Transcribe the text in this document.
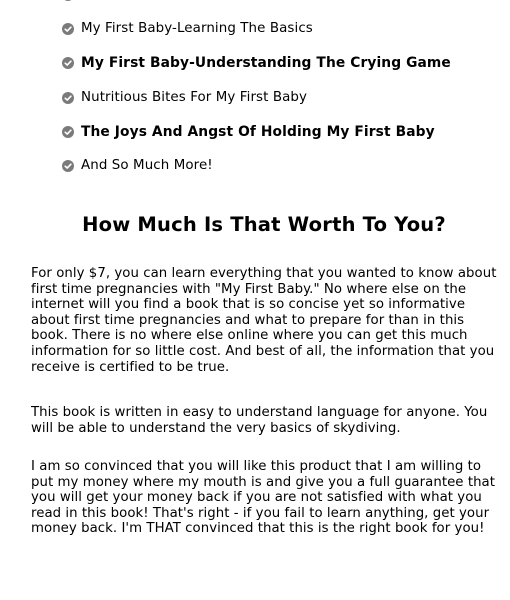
My First Baby-Learning The Basics
My First Baby-Understanding The Crying Game
Nutritious Bites For My First Baby
The Joys And Angst Of Holding My First Baby
And So Much More!
How Much Is That Worth To You?

For only $7, you can learn everything that you wanted to know about first time pregnancies with "My First Baby." No where else on the internet will you find a book that is so concise yet so informative about first time pregnancies and what to prepare for than in this book. There is no where else online where you can get this much information for so little cost. And best of all, the information that you receive is certified to be true.

This book is written in easy to understand language for anyone. You will be able to understand the very basics of skydiving.

I am so convinced that you will like this product that I am willing to put my money where my mouth is and give you a full guarantee that you will get your money back if you are not satisfied with what you read in this book! That's right - if you fail to learn anything, get your money back. I'm THAT convinced that this is the right book for you!
